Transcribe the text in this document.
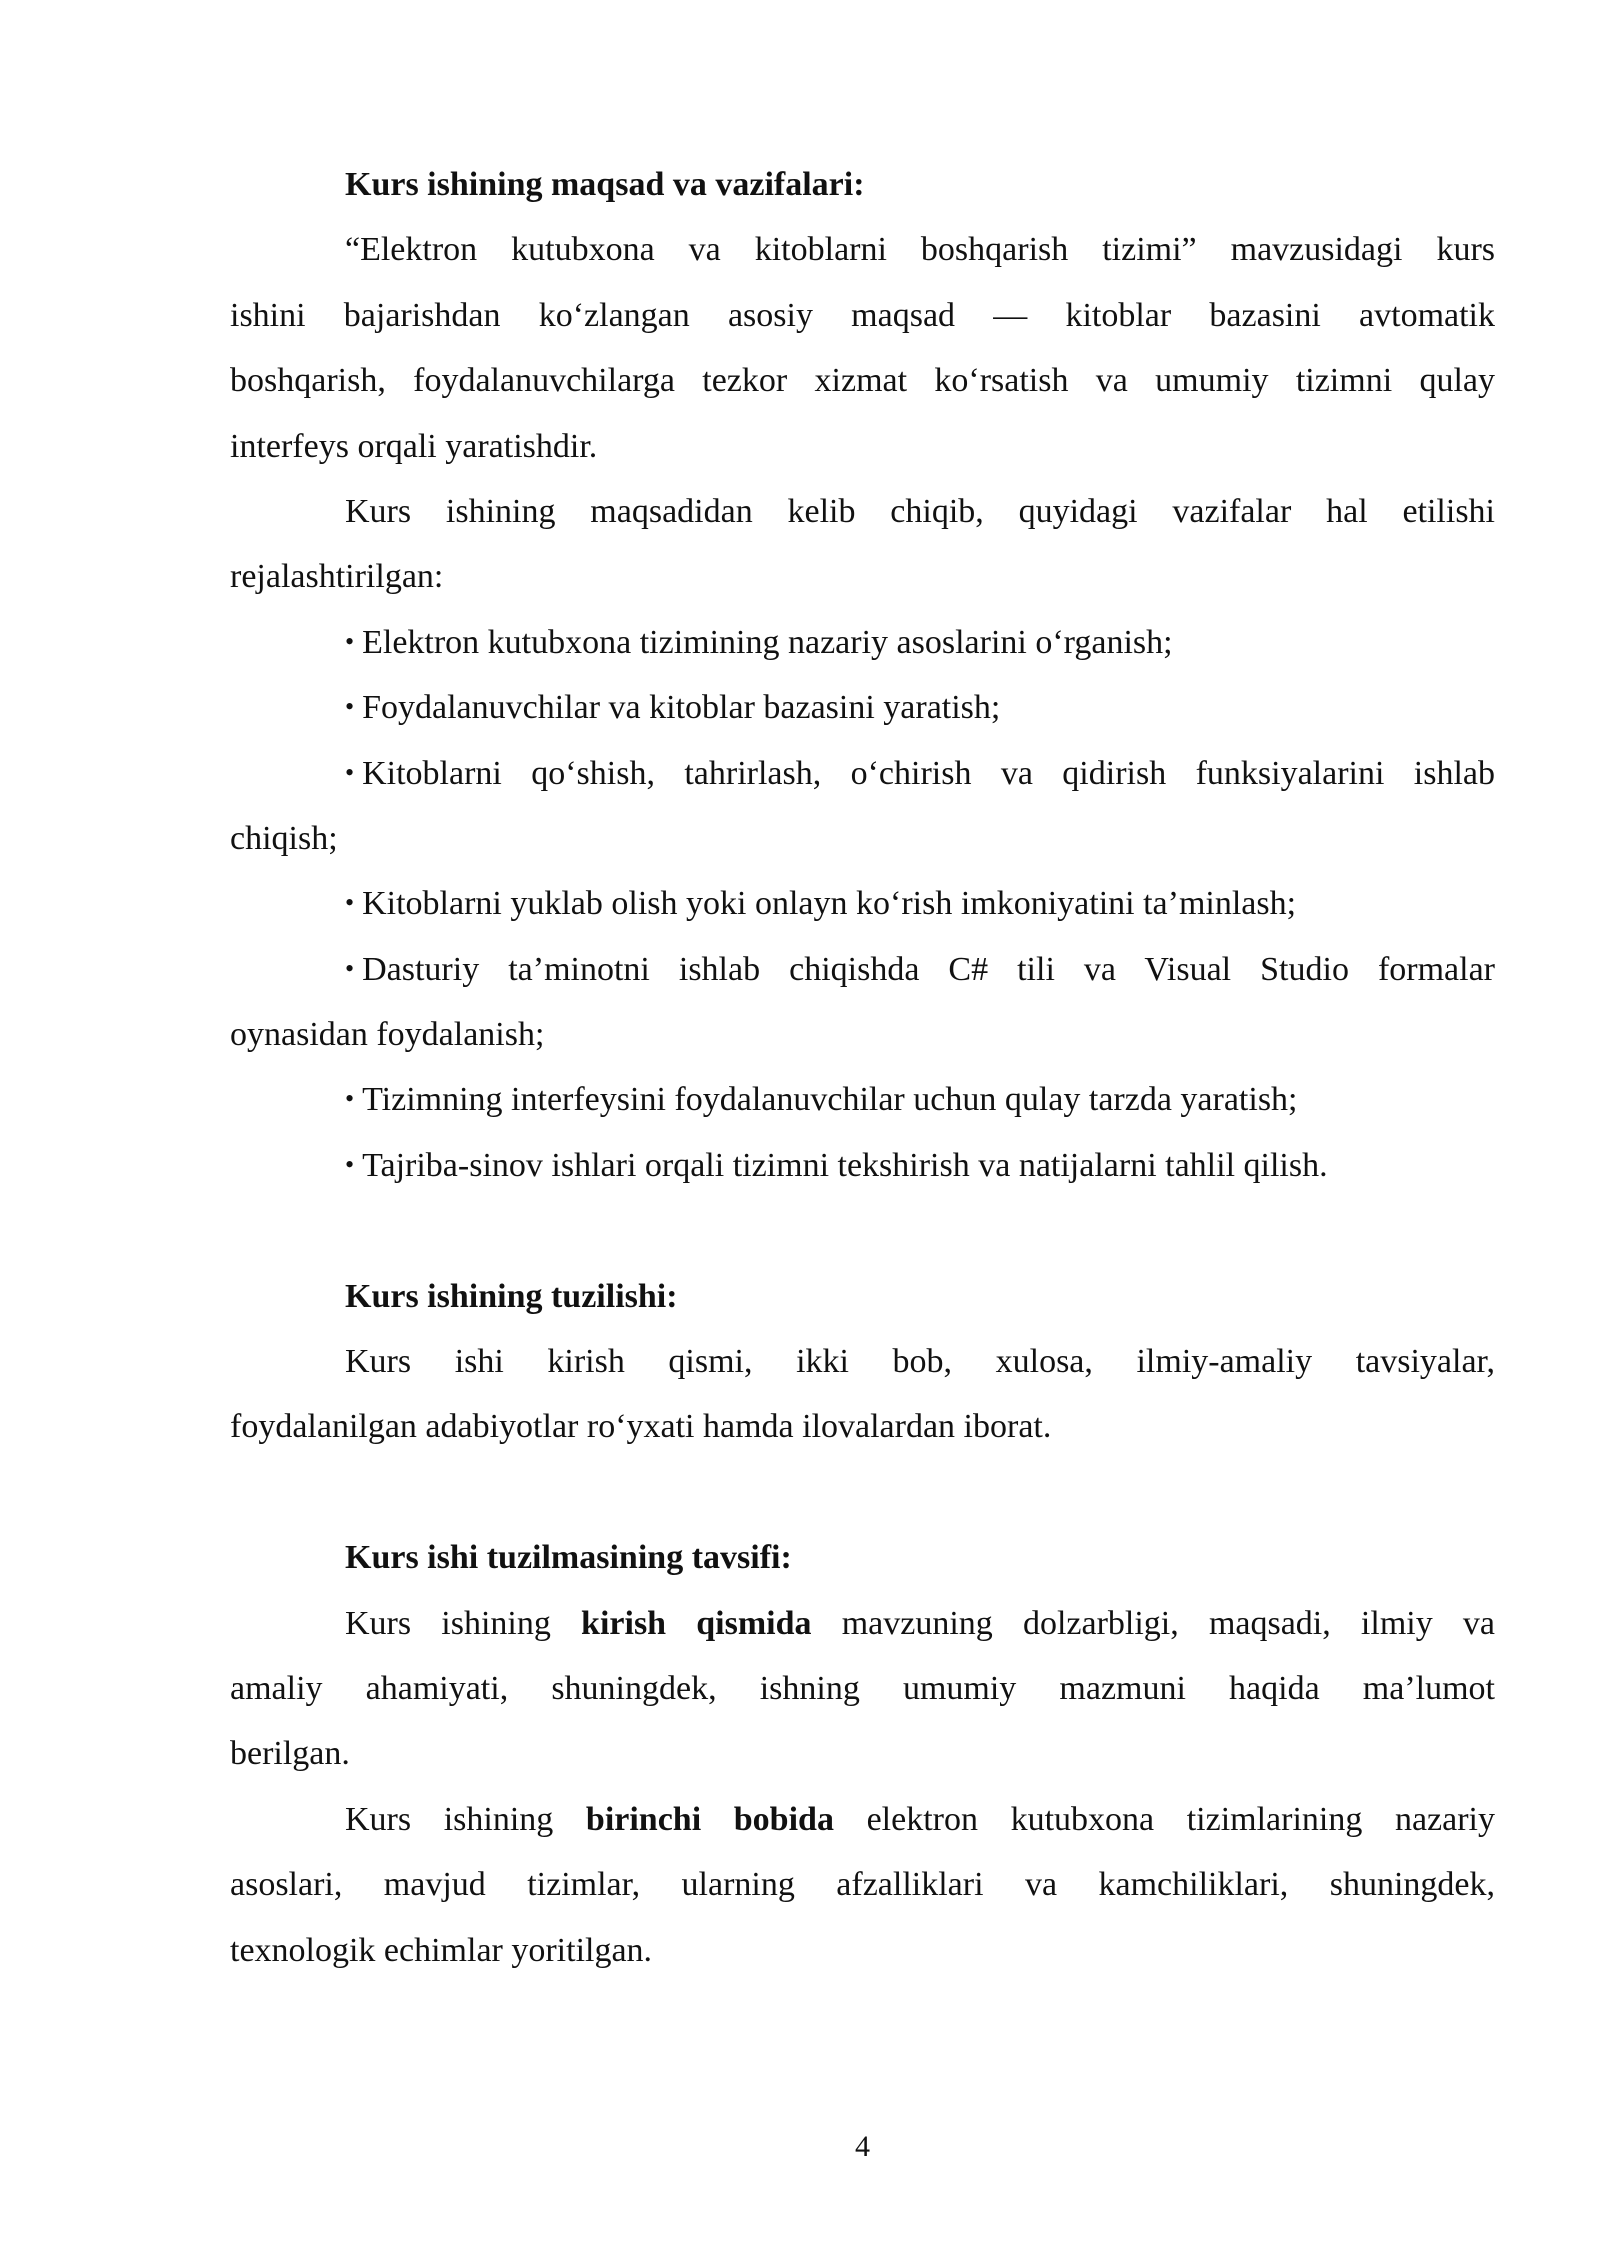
Kurs ishining maqsad va vazifalari:

“Elektron kutubxona va kitoblarni boshqarish tizimi” mavzusidagi kurs

ishini bajarishdan ko‘zlangan asosiy maqsad — kitoblar bazasini avtomatik

boshqarish, foydalanuvchilarga tezkor xizmat ko‘rsatish va umumiy tizimni qulay

interfeys orqali yaratishdir.

Kurs ishining maqsadidan kelib chiqib, quyidagi vazifalar hal etilishi

rejalashtirilgan:

• Elektron kutubxona tizimining nazariy asoslarini o‘rganish;

• Foydalanuvchilar va kitoblar bazasini yaratish;

• Kitoblarni qo‘shish, tahrirlash, o‘chirish va qidirish funksiyalarini ishlab

chiqish;

• Kitoblarni yuklab olish yoki onlayn ko‘rish imkoniyatini ta’minlash;

• Dasturiy ta’minotni ishlab chiqishda C# tili va Visual Studio formalar

oynasidan foydalanish;

• Tizimning interfeysini foydalanuvchilar uchun qulay tarzda yaratish;

• Tajriba-sinov ishlari orqali tizimni tekshirish va natijalarni tahlil qilish.

Kurs ishining tuzilishi:

Kurs ishi kirish qismi, ikki bob, xulosa, ilmiy-amaliy tavsiyalar,

foydalanilgan adabiyotlar ro‘yxati hamda ilovalardan iborat.

Kurs ishi tuzilmasining tavsifi:

Kurs ishining kirish qismida mavzuning dolzarbligi, maqsadi, ilmiy va

amaliy ahamiyati, shuningdek, ishning umumiy mazmuni haqida ma’lumot

berilgan.

Kurs ishining birinchi bobida elektron kutubxona tizimlarining nazariy

asoslari, mavjud tizimlar, ularning afzalliklari va kamchiliklari, shuningdek,

texnologik echimlar yoritilgan.

4
